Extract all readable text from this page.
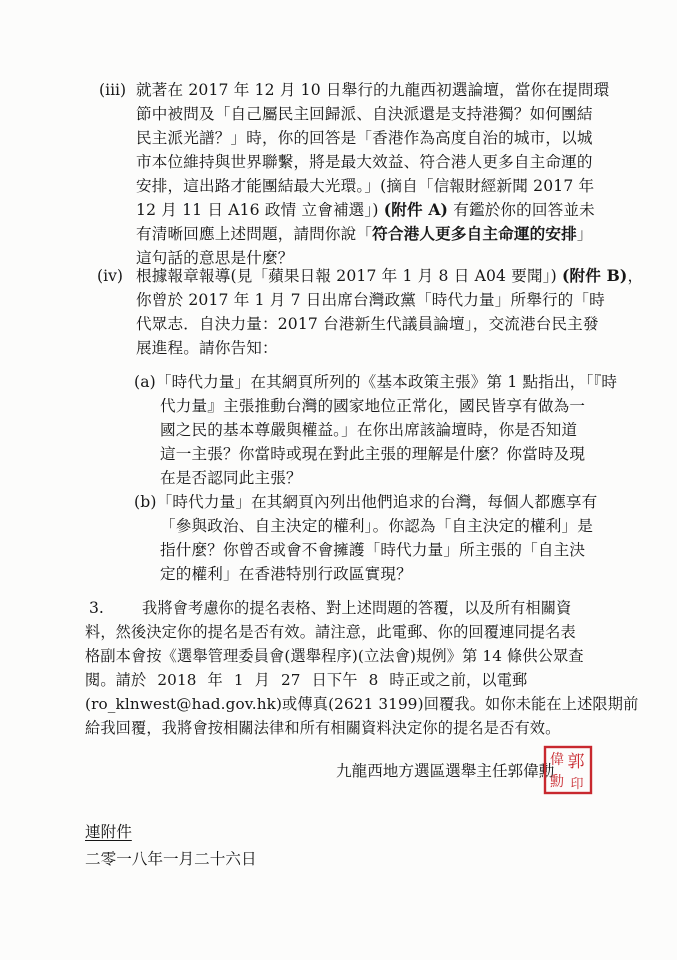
(iii) 就著在 2017 年 12 月 10 日舉行的九龍西初選論壇，當你在提問環
節中被問及「自己屬民主回歸派、自決派還是支持港獨？如何團結
民主派光譜？」時，你的回答是「香港作為高度自治的城市，以城
市本位維持與世界聯繫，將是最大效益、符合港人更多自主命運的
安排，這出路才能團結最大光環。」(摘自「信報財經新聞 2017 年
12 月 11 日 A16 政情 立會補選」) (附件 A) 有鑑於你的回答並未
有清晰回應上述問題，請問你說「符合港人更多自主命運的安排」
這句話的意思是什麼？
(iv) 根據報章報導(見「蘋果日報 2017 年 1 月 8 日 A04 要聞」) (附件 B)，
你曾於 2017 年 1 月 7 日出席台灣政黨「時代力量」所舉行的「時
代眾志．自決力量：2017 台港新生代議員論壇」，交流港台民主發
展進程。請你告知：
(a)「時代力量」在其網頁所列的《基本政策主張》第 1 點指出，「『時
代力量』主張推動台灣的國家地位正常化，國民皆享有做為一
國之民的基本尊嚴與權益。」在你出席該論壇時，你是否知道
這一主張？你當時或現在對此主張的理解是什麼？你當時及現
在是否認同此主張？
(b)「時代力量」在其網頁內列出他們追求的台灣，每個人都應享有
「參與政治、自主決定的權利」。你認為「自主決定的權利」是
指什麼？你曾否或會不會擁護「時代力量」所主張的「自主決
定的權利」在香港特別行政區實現？
3.	我將會考慮你的提名表格、對上述問題的答覆，以及所有相關資
料，然後決定你的提名是否有效。請注意，此電郵、你的回覆連同提名表
格副本會按《選舉管理委員會(選舉程序)(立法會)規例》第 14 條供公眾查
閱。請於 2018 年 1 月 27 日下午 8 時正或之前，以電郵
(ro_klnwest@had.gov.hk)或傳真(2621 3199)回覆我。如你未能在上述限期前
給我回覆，我將會按相關法律和所有相關資料決定你的提名是否有效。
九龍西地方選區選舉主任郭偉勳 郭
偉
勳 印
連附件
二零一八年一月二十六日
